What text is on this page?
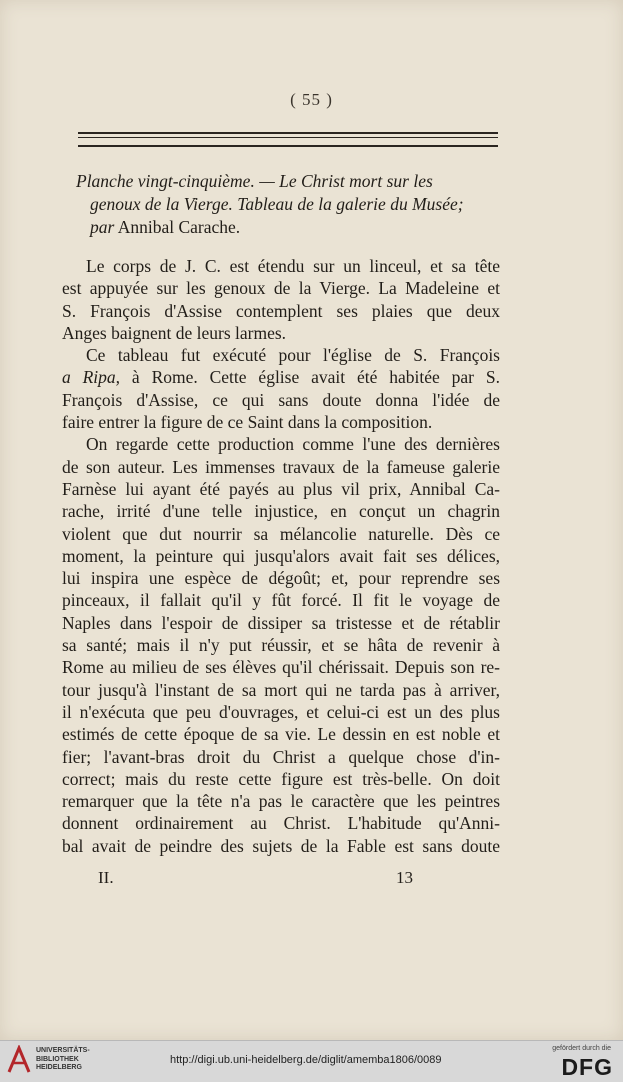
( 55 )
Planche vingt-cinquième. — Le Christ mort sur les
genoux de la Vierge. Tableau de la galerie du Musée;
par Annibal Carache.
Le corps de J. C. est étendu sur un linceul, et sa tête
est appuyée sur les genoux de la Vierge. La Madeleine et
S. François d'Assise contemplent ses plaies que deux
Anges baignent de leurs larmes.
Ce tableau fut exécuté pour l'église de S. François
a Ripa, à Rome. Cette église avait été habitée par S.
François d'Assise, ce qui sans doute donna l'idée de
faire entrer la figure de ce Saint dans la composition.
On regarde cette production comme l'une des dernières
de son auteur. Les immenses travaux de la fameuse galerie
Farnèse lui ayant été payés au plus vil prix, Annibal Ca-
rache, irrité d'une telle injustice, en conçut un chagrin
violent que dut nourrir sa mélancolie naturelle. Dès ce
moment, la peinture qui jusqu'alors avait fait ses délices,
lui inspira une espèce de dégoût; et, pour reprendre ses
pinceaux, il fallait qu'il y fût forcé. Il fit le voyage de
Naples dans l'espoir de dissiper sa tristesse et de rétablir
sa santé; mais il n'y put réussir, et se hâta de revenir à
Rome au milieu de ses élèves qu'il chérissait. Depuis son re-
tour jusqu'à l'instant de sa mort qui ne tarda pas à arriver,
il n'exécuta que peu d'ouvrages, et celui-ci est un des plus
estimés de cette époque de sa vie. Le dessin en est noble et
fier; l'avant-bras droit du Christ a quelque chose d'in-
correct; mais du reste cette figure est très-belle. On doit
remarquer que la tête n'a pas le caractère que les peintres
donnent ordinairement au Christ. L'habitude qu'Anni-
bal avait de peindre des sujets de la Fable est sans doute
II.	13
UNIVERSITÄTS-
BIBLIOTHEK
HEIDELBERG
http://digi.ub.uni-heidelberg.de/diglit/amemba1806/0089
gefördert durch die
DFG
